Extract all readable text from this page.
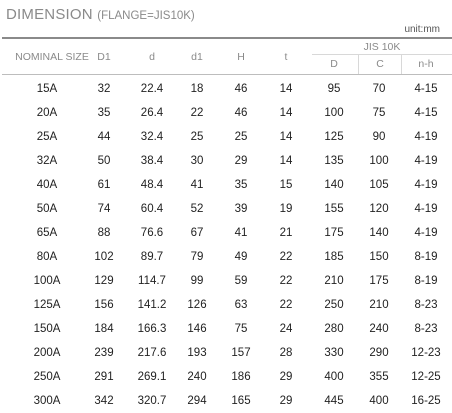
DIMENSION (FLANGE=JIS10K)
unit:mm
NOMINAL SIZE D1	d	d1	H	t
JIS 10K
D	C	n-h
15A	32	22.4	18	46	14	95	70	4-15
20A	35	26.4	22	46	14	100	75	4-15
25A	44	32.4	25	25	14	125	90	4-19
32A	50	38.4	30	29	14	135	100	4-19
40A	61	48.4	41	35	15	140	105	4-19
50A	74	60.4	52	39	19	155	120	4-19
65A	88	76.6	67	41	21	175	140	4-19
80A	102	89.7	79	49	22	185	150	8-19
100A	129	114.7	99	59	22	210	175	8-19
125A	156	141.2	126	63	22	250	210	8-23
150A	184	166.3	146	75	24	280	240	8-23
200A	239	217.6	193	157	28	330	290	12-23
250A	291	269.1	240	186	29	400	355	12-25
300A	342	320.7	294	165	29	445	400	16-25
